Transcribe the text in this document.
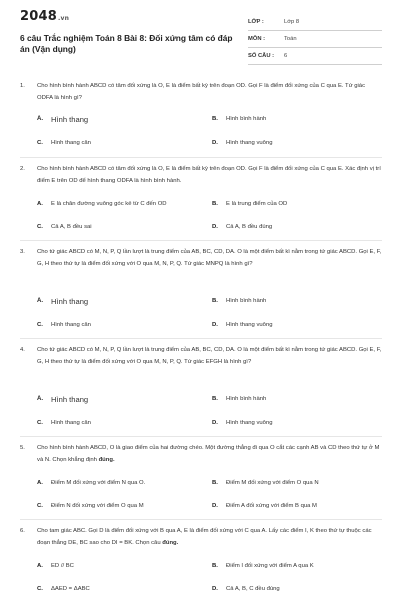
2048.vn
6 câu Trắc nghiệm Toán 8 Bài 8: Đối xứng tâm có đáp án (Vận dụng)
LỚP :	Lớp 8
MÔN :	Toán
SỐ CÂU :	6
1.	Cho hình bình hành ABCD có tâm đối xứng là O, E là điểm bất kỳ trên đoạn OD. Gọi F là điểm đối xứng của C qua E. Tứ giác ODFA là hình gì?
A.	Hình thang	B.	Hình bình hành
C.	Hình thang cân	D.	Hình thang vuông
2.	Cho hình bình hành ABCD có tâm đối xứng là O, E là điểm bất kỳ trên đoạn OD. Gọi F là điểm đối xứng của C qua E. Xác định vị trí điểm E trên OD để hình thang ODFA là hình bình hành.
A.	E là chân đường vuông góc kẻ từ C đến OD	B.	E là trung điểm của OD
C.	Cả A, B đều sai	D.	Cả A, B đều đúng
3.	Cho tứ giác ABCD có M, N, P, Q lần lượt là trung điểm của AB, BC, CD, DA. O là một điểm bất kì nằm trong tứ giác ABCD. Gọi E, F, G, H theo thứ tự là điểm đối xứng với O qua M, N, P, Q. Tứ giác MNPQ là hình gì?
A.	Hình thang	B.	Hình bình hành
C.	Hình thang cân	D.	Hình thang vuông
4.	Cho tứ giác ABCD có M, N, P, Q lần lượt là trung điểm của AB, BC, CD, DA. O là một điểm bất kì nằm trong tứ giác ABCD. Gọi E, F, G, H theo thứ tự là điểm đối xứng với O qua M, N, P, Q. Tứ giác EFGH là hình gì?
A.	Hình thang	B.	Hình bình hành
C.	Hình thang cân	D.	Hình thang vuông
5.	Cho hình bình hành ABCD, O là giao điểm của hai đường chéo. Một đường thẳng đi qua O cắt các cạnh AB và CD theo thứ tự ở M và N. Chọn khẳng định đúng.
A.	Điểm M đối xứng với điểm N qua O.	B.	Điểm M đối xứng với điểm O qua N
C.	Điểm N đối xứng với điểm O qua M	D.	Điểm A đối xứng với điểm B qua M
6.	Cho tam giác ABC. Gọi D là điểm đối xứng với B qua A, E là điểm đối xứng với C qua A. Lấy các điểm I, K theo thứ tự thuộc các đoạn thẳng DE, BC sao cho DI = BK. Chọn câu đúng.
A.	ED // BC	B.	Điểm I đối xứng với điểm A qua K
C.	ΔAED = ΔABC	D.	Cả A, B, C đều đúng
